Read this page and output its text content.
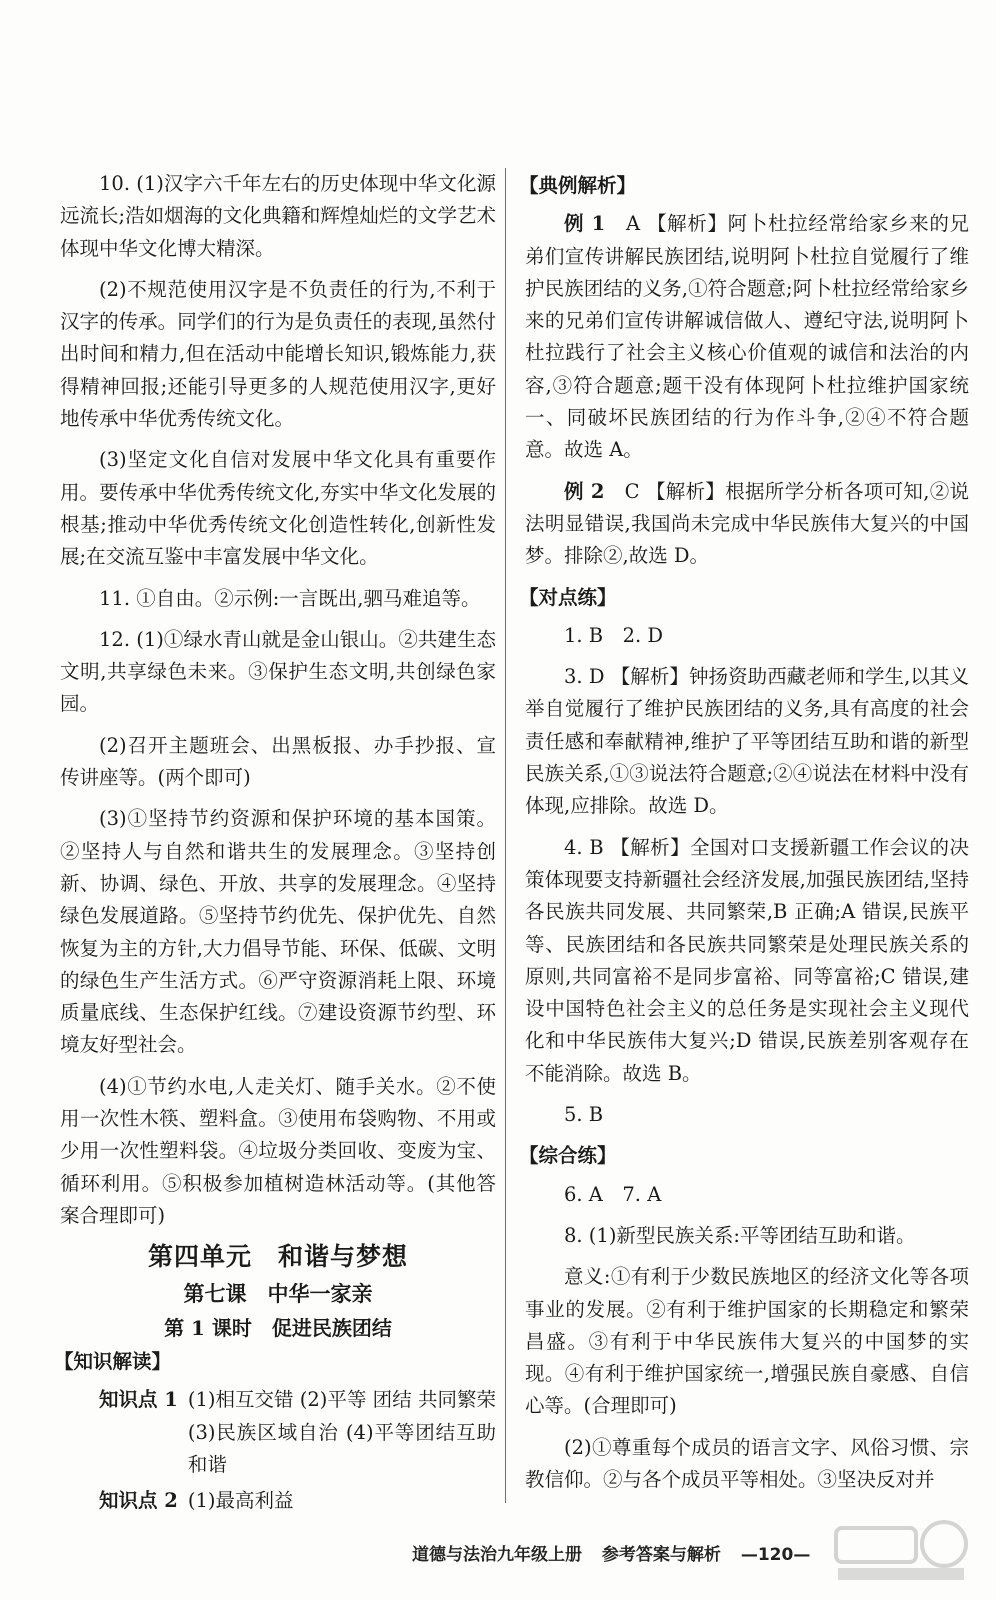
10. (1)汉字六千年左右的历史体现中华文化源远流长;浩如烟海的文化典籍和辉煌灿烂的文学艺术体现中华文化博大精深。

(2)不规范使用汉字是不负责任的行为,不利于汉字的传承。同学们的行为是负责任的表现,虽然付出时间和精力,但在活动中能增长知识,锻炼能力,获得精神回报;还能引导更多的人规范使用汉字,更好地传承中华优秀传统文化。

(3)坚定文化自信对发展中华文化具有重要作用。要传承中华优秀传统文化,夯实中华文化发展的根基;推动中华优秀传统文化创造性转化,创新性发展;在交流互鉴中丰富发展中华文化。

11. ①自由。②示例:一言既出,驷马难追等。

12. (1)①绿水青山就是金山银山。②共建生态文明,共享绿色未来。③保护生态文明,共创绿色家园。

(2)召开主题班会、出黑板报、办手抄报、宣传讲座等。(两个即可)

(3)①坚持节约资源和保护环境的基本国策。②坚持人与自然和谐共生的发展理念。③坚持创新、协调、绿色、开放、共享的发展理念。④坚持绿色发展道路。⑤坚持节约优先、保护优先、自然恢复为主的方针,大力倡导节能、环保、低碳、文明的绿色生产生活方式。⑥严守资源消耗上限、环境质量底线、生态保护红线。⑦建设资源节约型、环境友好型社会。

(4)①节约水电,人走关灯、随手关水。②不使用一次性木筷、塑料盒。③使用布袋购物、不用或少用一次性塑料袋。④垃圾分类回收、变废为宝、循环利用。⑤积极参加植树造林活动等。(其他答案合理即可)

第四单元　和谐与梦想
第七课　中华一家亲
第 1 课时　促进民族团结
【知识解读】
知识点 1 (1)相互交错 (2)平等 团结 共同繁荣 (3)民族区域自治 (4)平等团结互助和谐
知识点 2 (1)最高利益
【典例解析】

例 1　 A 【解析】阿卜杜拉经常给家乡来的兄弟们宣传讲解民族团结,说明阿卜杜拉自觉履行了维护民族团结的义务,①符合题意;阿卜杜拉经常给家乡来的兄弟们宣传讲解诚信做人、遵纪守法,说明阿卜杜拉践行了社会主义核心价值观的诚信和法治的内容,③符合题意;题干没有体现阿卜杜拉维护国家统一、同破坏民族团结的行为作斗争,②④不符合题意。故选 A。

例 2　 C 【解析】根据所学分析各项可知,②说法明显错误,我国尚未完成中华民族伟大复兴的中国梦。排除②,故选 D。

【对点练】

1. B　2. D

3. D 【解析】钟扬资助西藏老师和学生,以其义举自觉履行了维护民族团结的义务,具有高度的社会责任感和奉献精神,维护了平等团结互助和谐的新型民族关系,①③说法符合题意;②④说法在材料中没有体现,应排除。故选 D。

4. B 【解析】全国对口支援新疆工作会议的决策体现要支持新疆社会经济发展,加强民族团结,坚持各民族共同发展、共同繁荣,B 正确;A 错误,民族平等、民族团结和各民族共同繁荣是处理民族关系的原则,共同富裕不是同步富裕、同等富裕;C 错误,建设中国特色社会主义的总任务是实现社会主义现代化和中华民族伟大复兴;D 错误,民族差别客观存在不能消除。故选 B。

5. B

【综合练】

6. A　7. A

8. (1)新型民族关系:平等团结互助和谐。

意义:①有利于少数民族地区的经济文化等各项事业的发展。②有利于维护国家的长期稳定和繁荣昌盛。③有利于中华民族伟大复兴的中国梦的实现。④有利于维护国家统一,增强民族自豪感、自信心等。(合理即可)

(2)①尊重每个成员的语言文字、风俗习惯、宗教信仰。②与各个成员平等相处。③坚决反对并

道德与法治九年级上册 参考答案与解析 —120—
